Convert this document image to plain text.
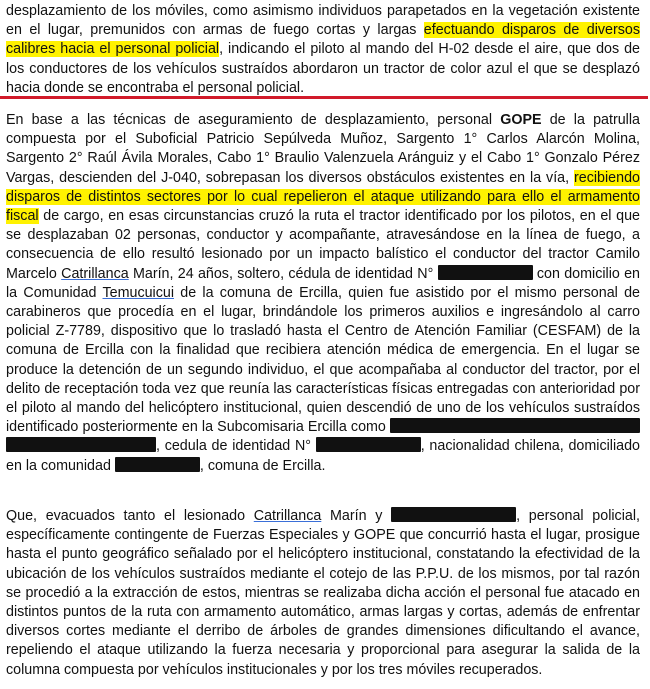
desplazamiento de los móviles, como asimismo individuos parapetados en la vegetación existente en el lugar, premunidos con armas de fuego cortas y largas efectuando disparos de diversos calibres hacia el personal policial, indicando el piloto al mando del H-02 desde el aire, que dos de los conductores de los vehículos sustraídos abordaron un tractor de color azul el que se desplazó hacia donde se encontraba el personal policial.

En base a las técnicas de aseguramiento de desplazamiento, personal GOPE de la patrulla compuesta por el Suboficial Patricio Sepúlveda Muñoz, Sargento 1° Carlos Alarcón Molina, Sargento 2° Raúl Ávila Morales, Cabo 1° Braulio Valenzuela Aránguiz y el Cabo 1° Gonzalo Pérez Vargas, descienden del J-040, sobrepasan los diversos obstáculos existentes en la vía, recibiendo disparos de distintos sectores por lo cual repelieron el ataque utilizando para ello el armamento fiscal de cargo, en esas circunstancias cruzó la ruta el tractor identificado por los pilotos, en el que se desplazaban 02 personas, conductor y acompañante, atravesándose en la línea de fuego, a consecuencia de ello resultó lesionado por un impacto balístico el conductor del tractor Camilo Marcelo Catrillanca Marín, 24 años, soltero, cédula de identidad N°	con domicilio en la Comunidad Temucuicui de la comuna de Ercilla, quien fue asistido por el mismo personal de carabineros que procedía en el lugar, brindándole los primeros auxilios e ingresándolo al carro policial Z-7789, dispositivo que lo trasladó hasta el Centro de Atención Familiar (CESFAM) de la comuna de Ercilla con la finalidad que recibiera atención médica de emergencia. En el lugar se produce la detención de un segundo individuo, el que acompañaba al conductor del tractor, por el delito de receptación toda vez que reunía las características físicas entregadas con anterioridad por el piloto al mando del helicóptero institucional, quien descendió de uno de los vehículos sustraídos identificado posteriormente en la Subcomisaria Ercilla como  , cedula de identidad N°	, nacionalidad chilena, domiciliado en la comunidad	, comuna de Ercilla.

Que, evacuados tanto el lesionado Catrillanca Marín y	, personal policial, específicamente contingente de Fuerzas Especiales y GOPE que concurrió hasta el lugar, prosigue hasta el punto geográfico señalado por el helicóptero institucional, constatando la efectividad de la ubicación de los vehículos sustraídos mediante el cotejo de las P.P.U. de los mismos, por tal razón se procedió a la extracción de estos, mientras se realizaba dicha acción el personal fue atacado en distintos puntos de la ruta con armamento automático, armas largas y cortas, además de enfrentar diversos cortes mediante el derribo de árboles de grandes dimensiones dificultando el avance, repeliendo el ataque utilizando la fuerza necesaria y proporcional para asegurar la salida de la columna compuesta por vehículos institucionales y por los tres móviles recuperados.
